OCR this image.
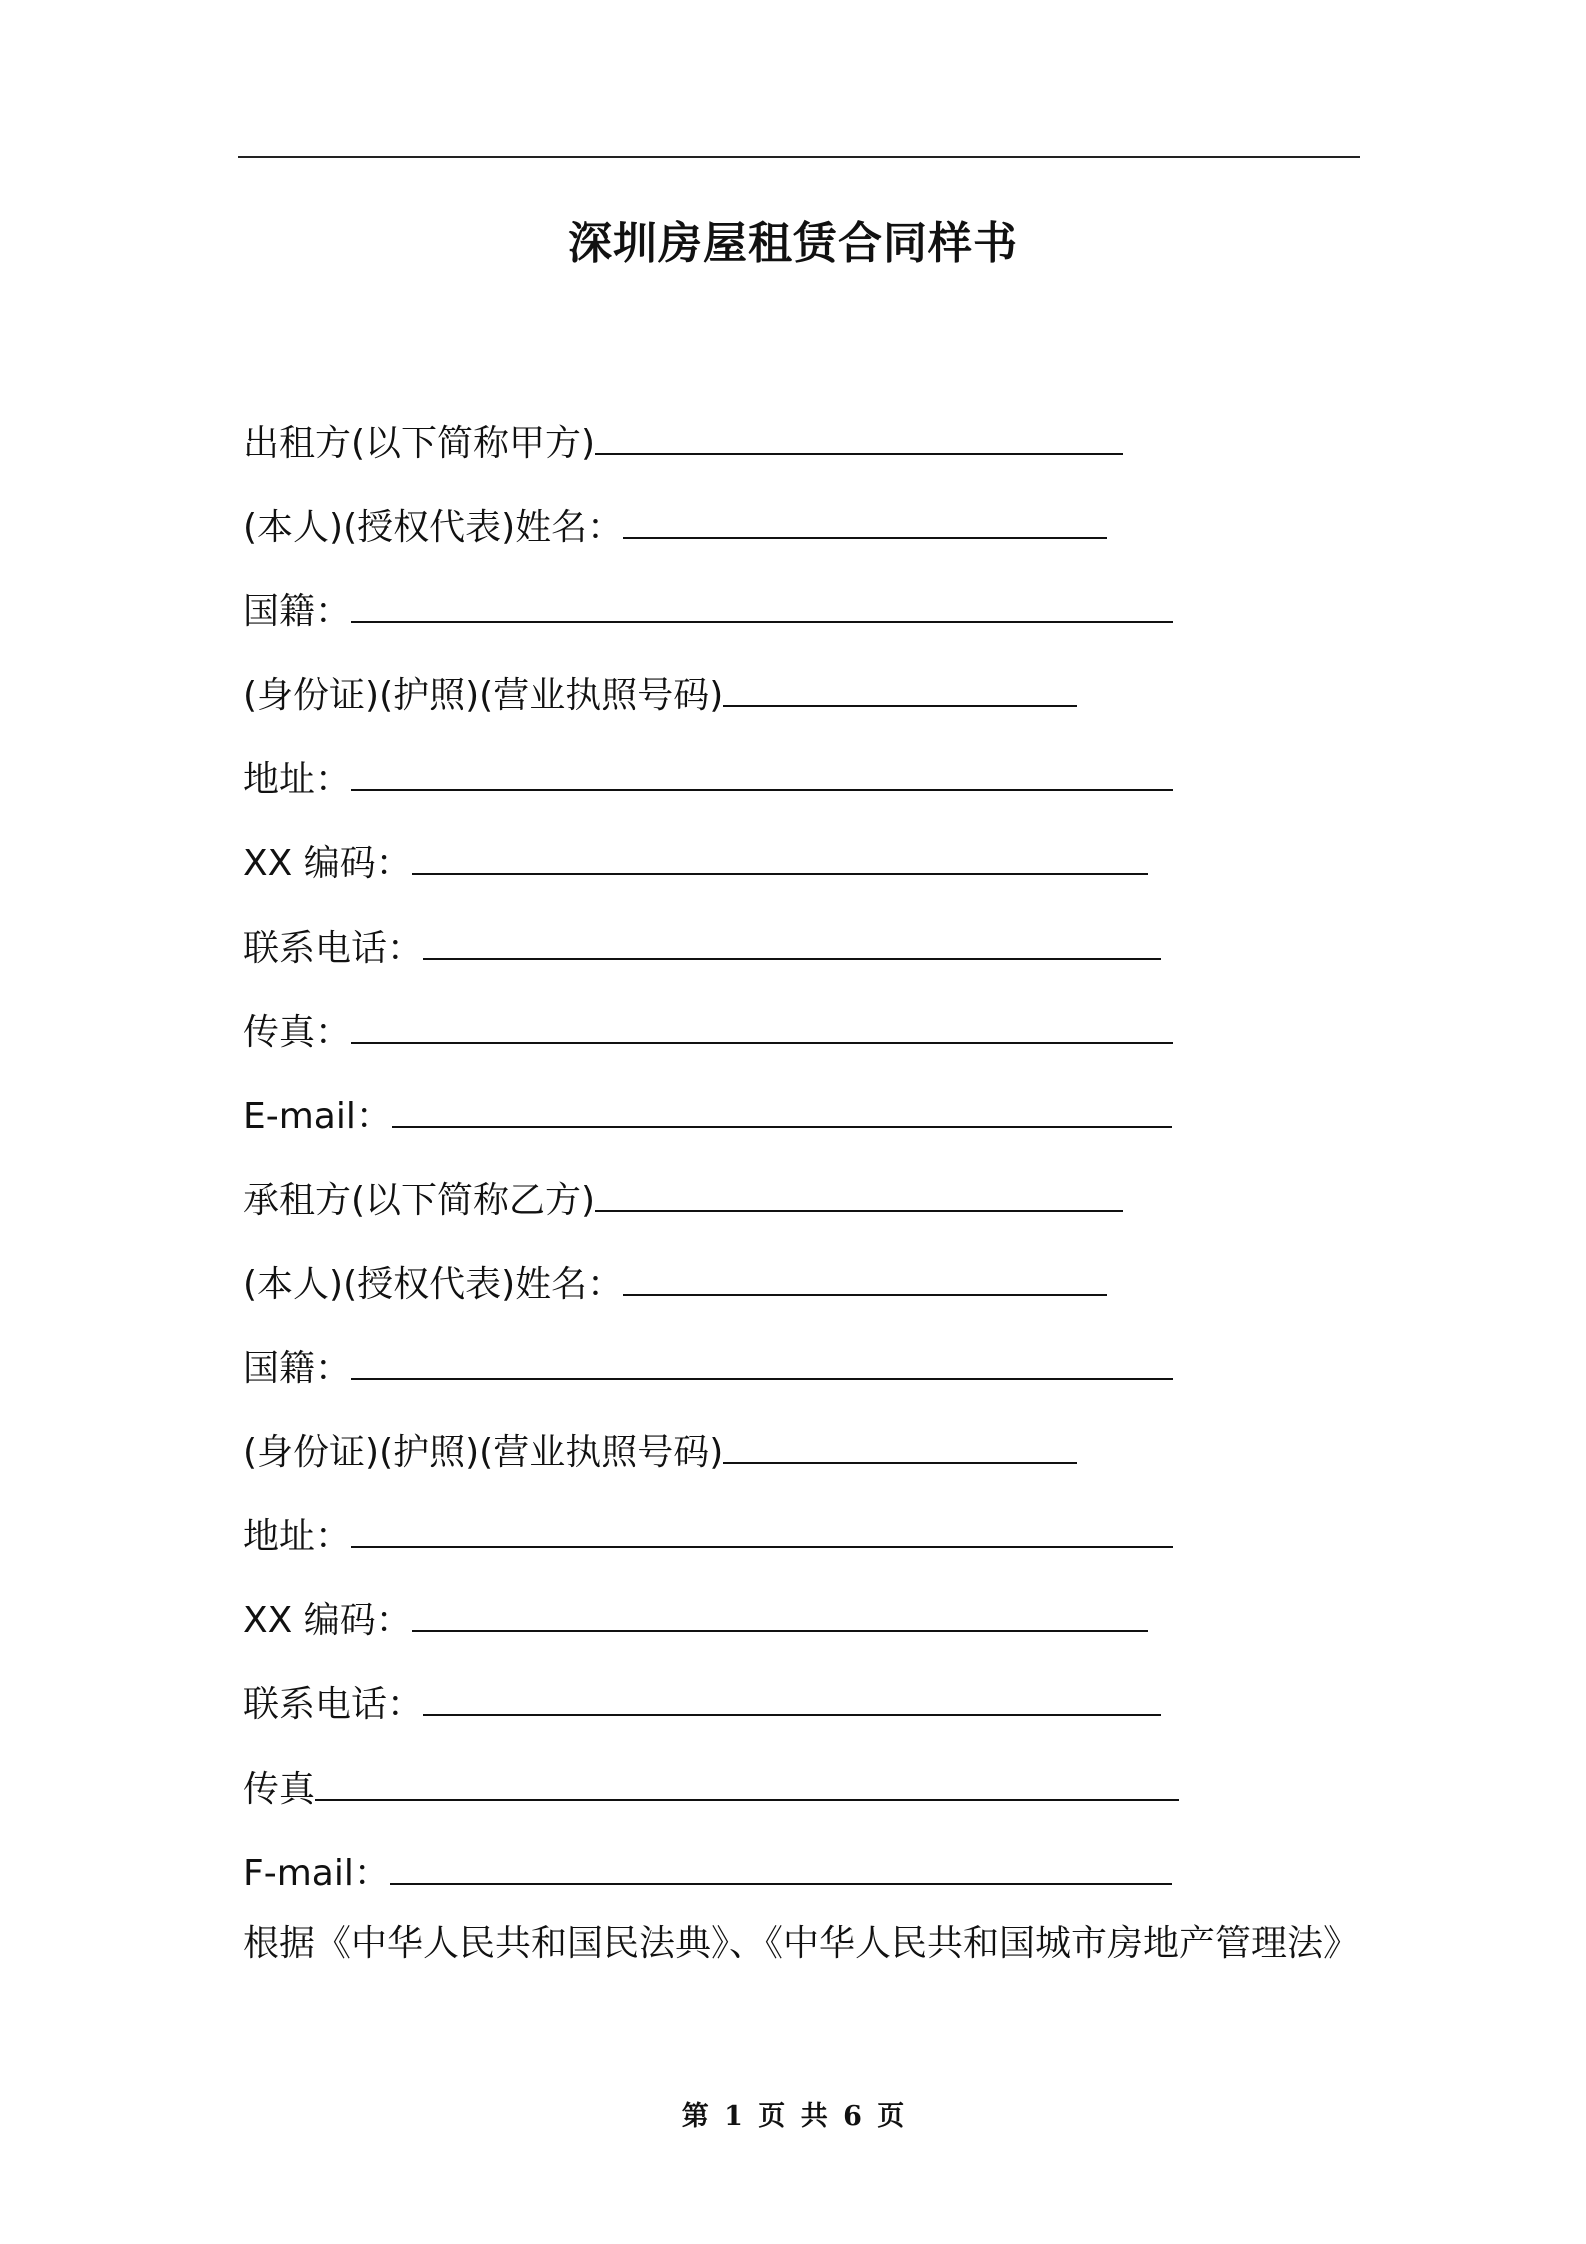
深圳房屋租赁合同样书
出租方(以下简称甲方)
(本人)(授权代表)姓名：
国籍：
(身份证)(护照)(营业执照号码)
地址：
XX 编码：
联系电话：
传真：
E-mail：
承租方(以下简称乙方)
(本人)(授权代表)姓名：
国籍：
(身份证)(护照)(营业执照号码)
地址：
XX 编码：
联系电话：
传真
F-mail：
根据《中华人民共和国民法典》、《中华人民共和国城市房地产管理法》
第 1 页 共 6 页
